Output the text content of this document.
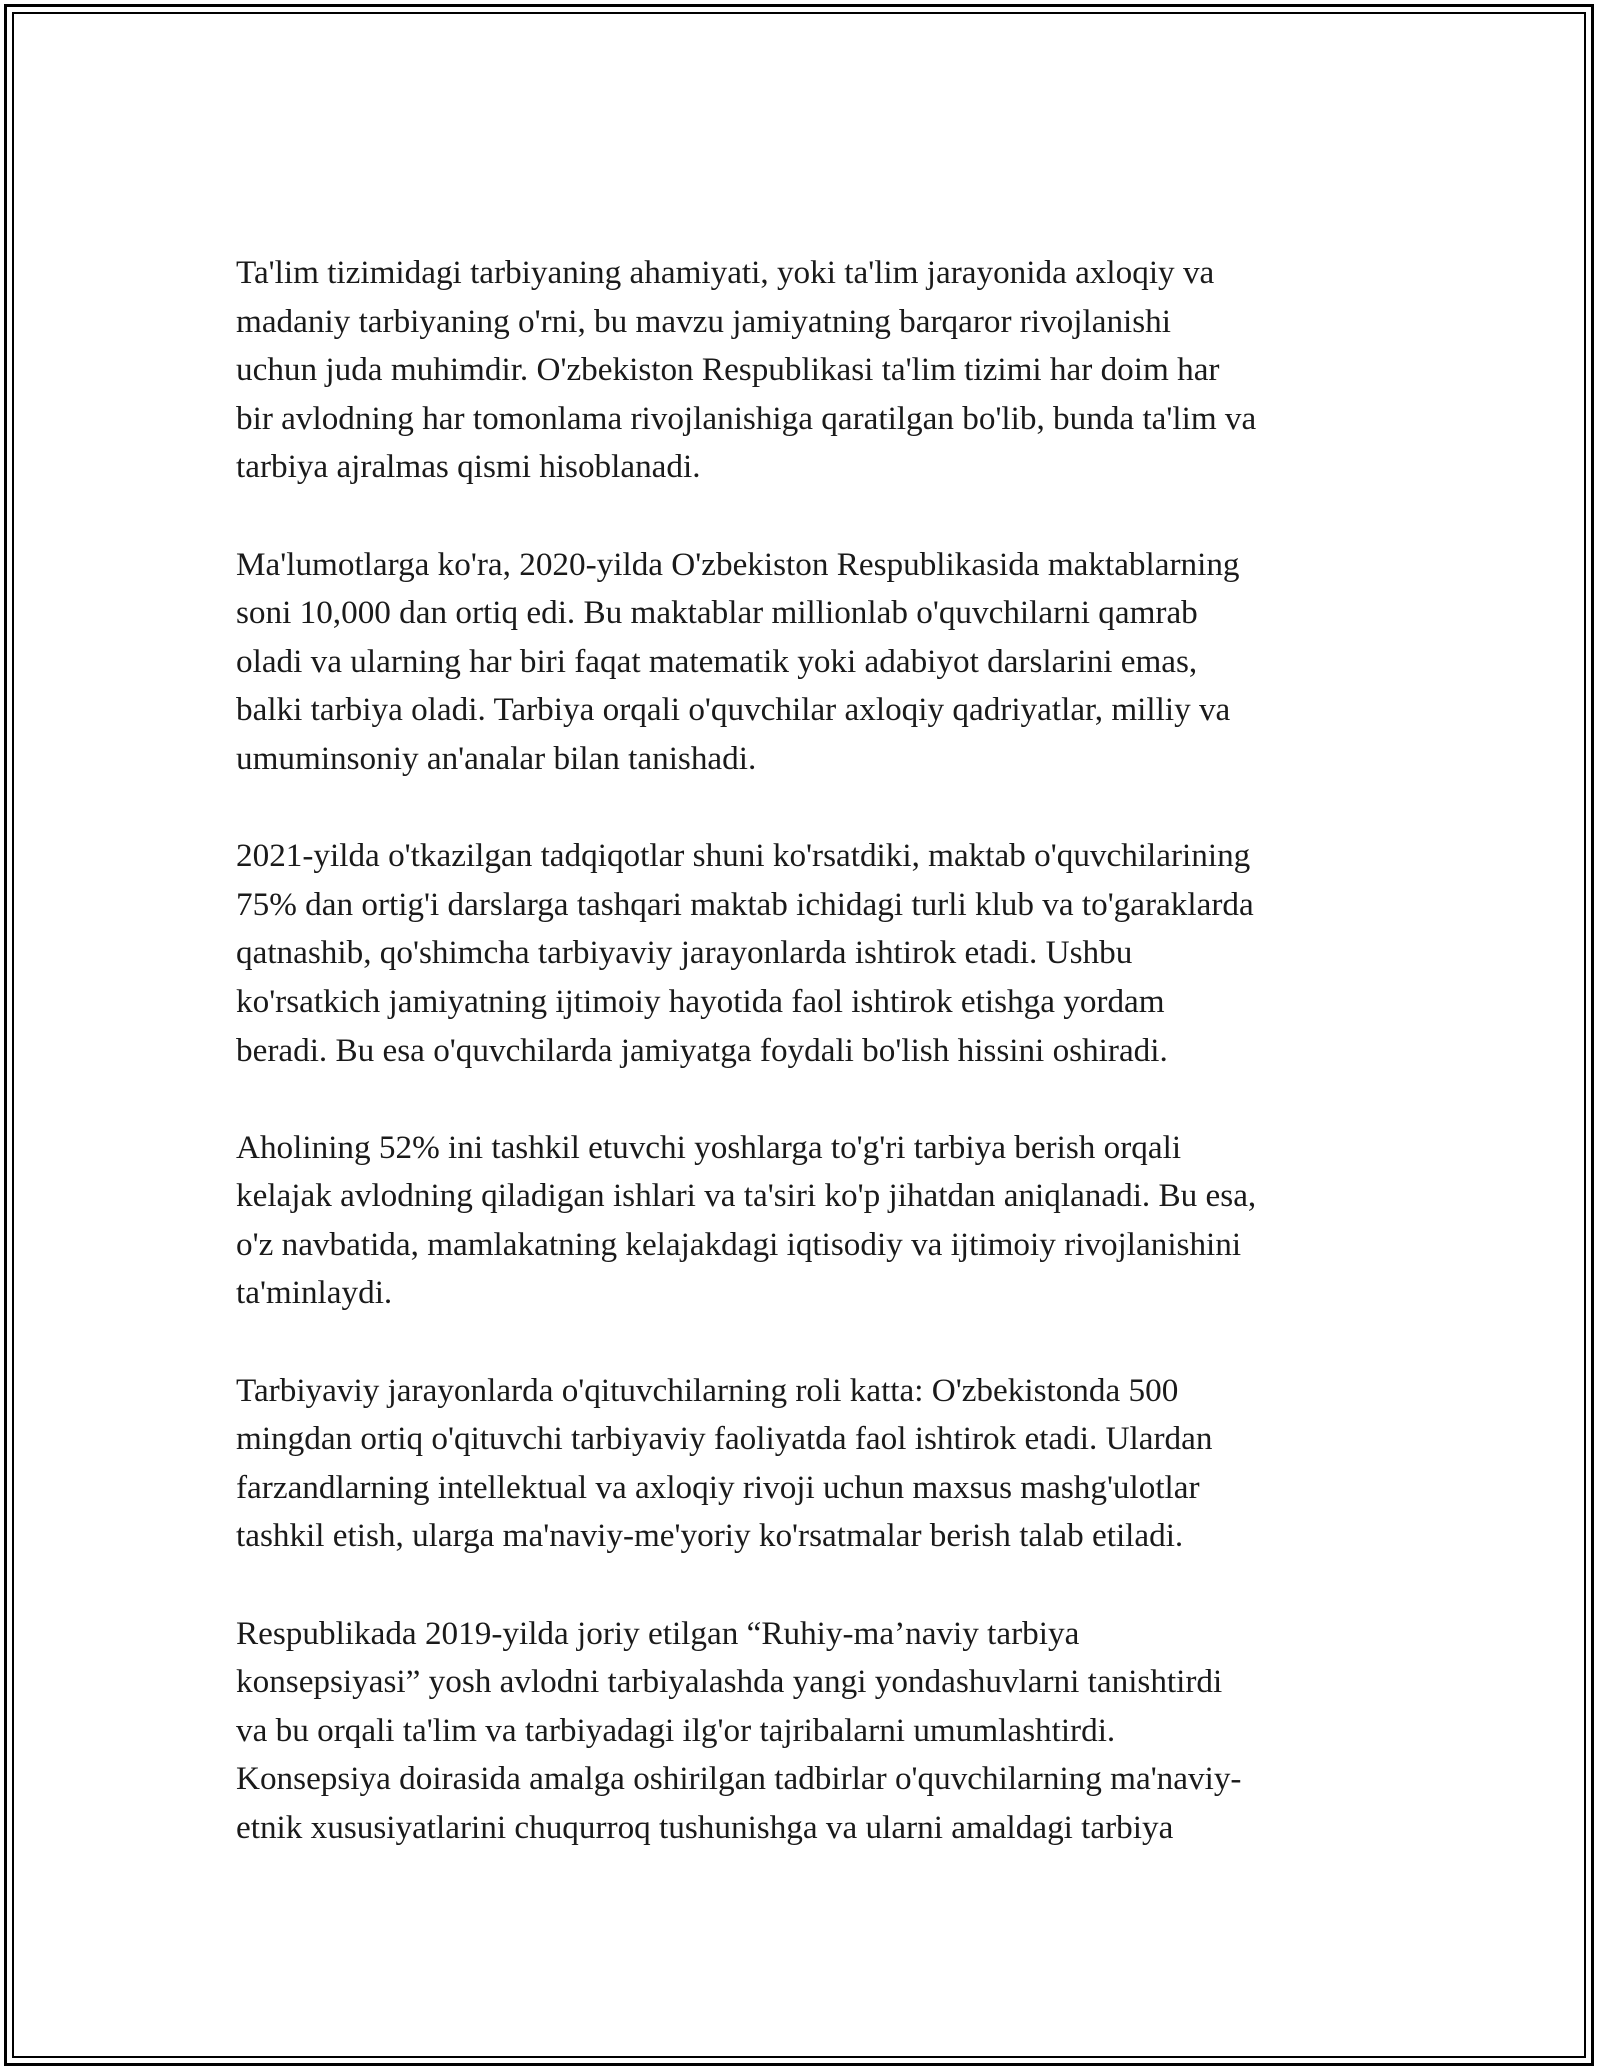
Ta'lim tizimidagi tarbiyaning ahamiyati, yoki ta'lim jarayonida axloqiy va
madaniy tarbiyaning o'rni, bu mavzu jamiyatning barqaror rivojlanishi
uchun juda muhimdir. O'zbekiston Respublikasi ta'lim tizimi har doim har
bir avlodning har tomonlama rivojlanishiga qaratilgan bo'lib, bunda ta'lim va
tarbiya ajralmas qismi hisoblanadi.

Ma'lumotlarga ko'ra, 2020-yilda O'zbekiston Respublikasida maktablarning
soni 10,000 dan ortiq edi. Bu maktablar millionlab o'quvchilarni qamrab
oladi va ularning har biri faqat matematik yoki adabiyot darslarini emas,
balki tarbiya oladi. Tarbiya orqali o'quvchilar axloqiy qadriyatlar, milliy va
umuminsoniy an'analar bilan tanishadi.

2021-yilda o'tkazilgan tadqiqotlar shuni ko'rsatdiki, maktab o'quvchilarining
75% dan ortig'i darslarga tashqari maktab ichidagi turli klub va to'garaklarda
qatnashib, qo'shimcha tarbiyaviy jarayonlarda ishtirok etadi. Ushbu
ko'rsatkich jamiyatning ijtimoiy hayotida faol ishtirok etishga yordam
beradi. Bu esa o'quvchilarda jamiyatga foydali bo'lish hissini oshiradi.

Aholining 52% ini tashkil etuvchi yoshlarga to'g'ri tarbiya berish orqali
kelajak avlodning qiladigan ishlari va ta'siri ko'p jihatdan aniqlanadi. Bu esa,
o'z navbatida, mamlakatning kelajakdagi iqtisodiy va ijtimoiy rivojlanishini
ta'minlaydi.

Tarbiyaviy jarayonlarda o'qituvchilarning roli katta: O'zbekistonda 500
mingdan ortiq o'qituvchi tarbiyaviy faoliyatda faol ishtirok etadi. Ulardan
farzandlarning intellektual va axloqiy rivoji uchun maxsus mashg'ulotlar
tashkil etish, ularga ma'naviy-me'yoriy ko'rsatmalar berish talab etiladi.

Respublikada 2019-yilda joriy etilgan “Ruhiy-ma’naviy tarbiya
konsepsiyasi” yosh avlodni tarbiyalashda yangi yondashuvlarni tanishtirdi
va bu orqali ta'lim va tarbiyadagi ilg'or tajribalarni umumlashtirdi.
Konsepsiya doirasida amalga oshirilgan tadbirlar o'quvchilarning ma'naviy-
etnik xususiyatlarini chuqurroq tushunishga va ularni amaldagi tarbiya
